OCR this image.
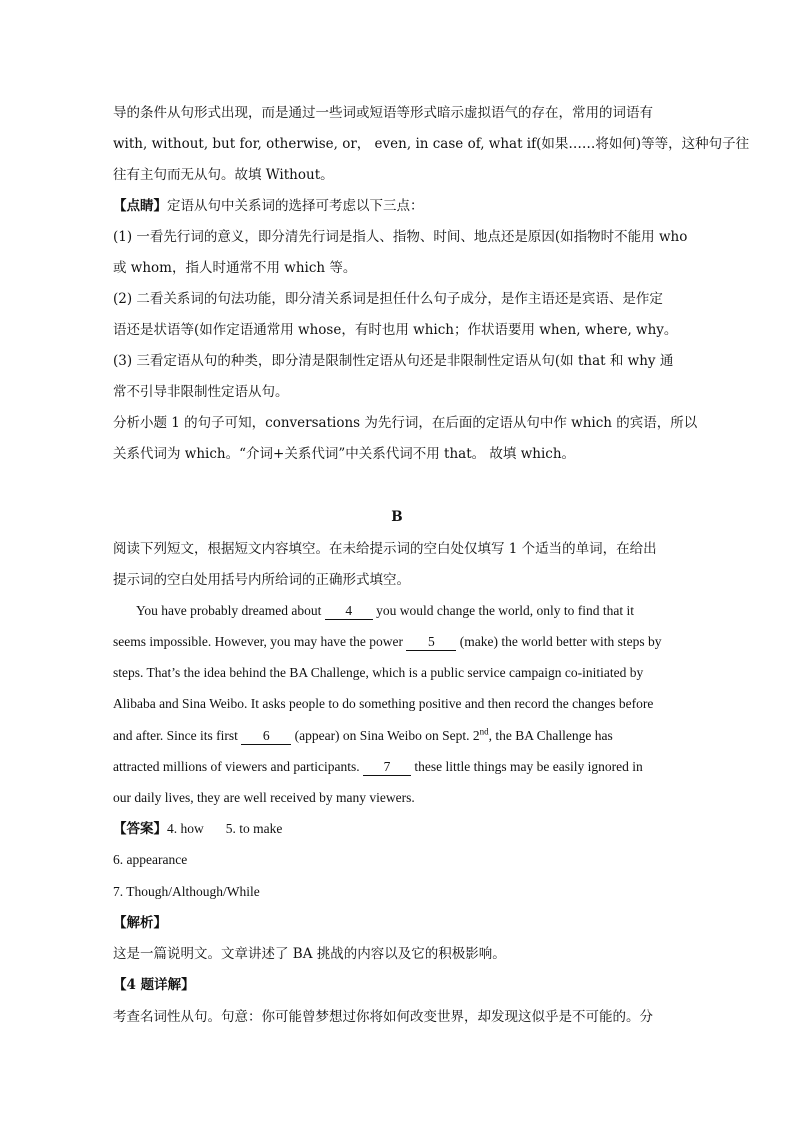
导的条件从句形式出现，而是通过一些词或短语等形式暗示虚拟语气的存在，常用的词语有
with, without, but for, otherwise, or， even, in case of, what if(如果……将如何)等等，这种句子往
往有主句而无从句。故填 Without。
【点睛】定语从句中关系词的选择可考虑以下三点：
(1) 一看先行词的意义，即分清先行词是指人、指物、时间、地点还是原因(如指物时不能用 who
或 whom，指人时通常不用 which 等。
(2) 二看关系词的句法功能，即分清关系词是担任什么句子成分，是作主语还是宾语、是作定
语还是状语等(如作定语通常用 whose，有时也用 which；作状语要用 when, where, why。
(3) 三看定语从句的种类，即分清是限制性定语从句还是非限制性定语从句(如 that 和 why 通
常不引导非限制性定语从句。
分析小题 1 的句子可知，conversations 为先行词，在后面的定语从句中作 which 的宾语，所以
关系代词为 which。“介词+关系代词”中关系代词不用 that。 故填 which。
B
阅读下列短文，根据短文内容填空。在未给提示词的空白处仅填写 1 个适当的单词，在给出
提示词的空白处用括号内所给词的正确形式填空。
You have probably dreamed about 4 you would change the world, only to find that it
seems impossible. However, you may have the power 5 (make) the world better with steps by
steps. That’s the idea behind the BA Challenge, which is a public service campaign co-initiated by
Alibaba and Sina Weibo. It asks people to do something positive and then record the changes before
and after. Since its first 6 (appear) on Sina Weibo on Sept. 2nd, the BA Challenge has
attracted millions of viewers and participants. 7 these little things may be easily ignored in
our daily lives, they are well received by many viewers.
【答案】4. how 5. to make
6. appearance
7. Though/Although/While
【解析】
这是一篇说明文。文章讲述了 BA 挑战的内容以及它的积极影响。
【4 题详解】
考查名词性从句。句意：你可能曾梦想过你将如何改变世界，却发现这似乎是不可能的。分
